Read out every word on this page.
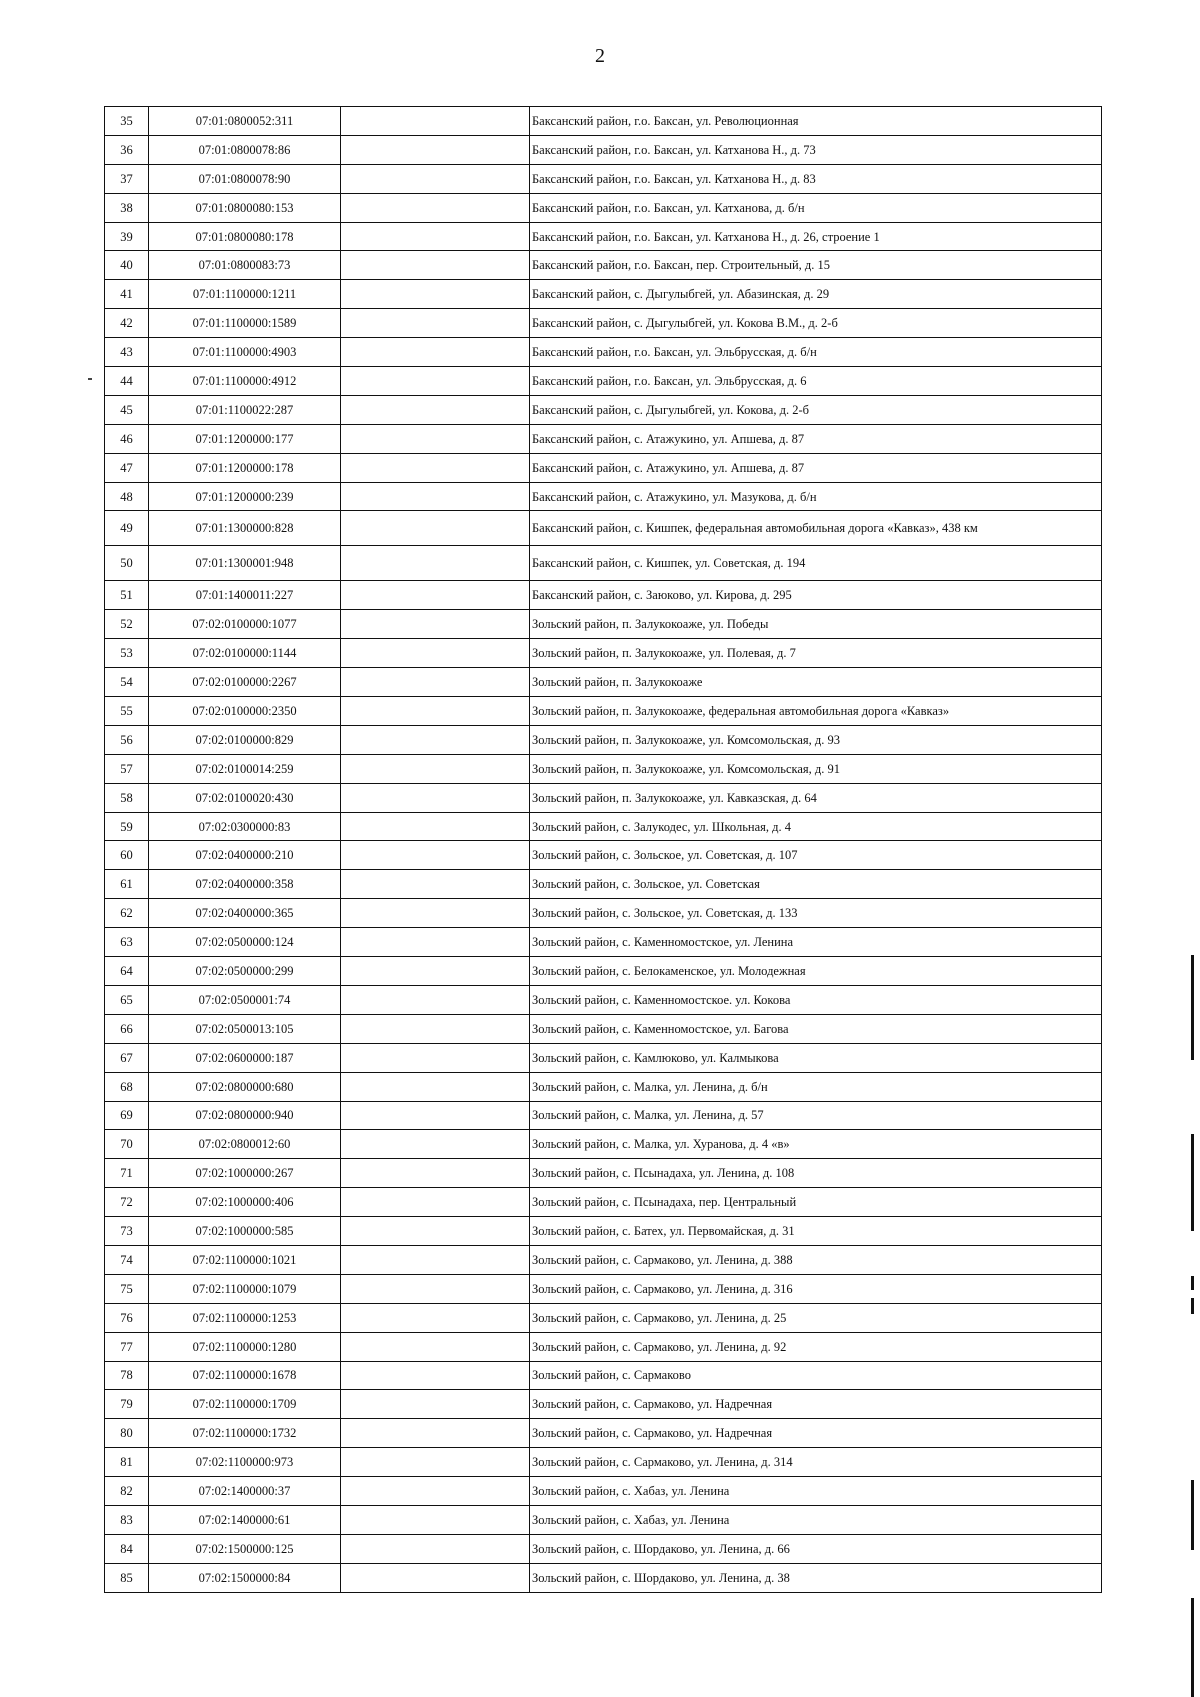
2
35	07:01:0800052:311		Баксанский район, г.о. Баксан, ул. Революционная
36	07:01:0800078:86		Баксанский район, г.о. Баксан, ул. Катханова Н., д. 73
37	07:01:0800078:90		Баксанский район, г.о. Баксан, ул. Катханова Н., д. 83
38	07:01:0800080:153		Баксанский район, г.о. Баксан, ул. Катханова, д. б/н
39	07:01:0800080:178		Баксанский район, г.о. Баксан, ул. Катханова Н., д. 26, строение 1
40	07:01:0800083:73		Баксанский район, г.о. Баксан, пер. Строительный, д. 15
41	07:01:1100000:1211		Баксанский район, с. Дыгулыбгей, ул. Абазинская, д. 29
42	07:01:1100000:1589		Баксанский район, с. Дыгулыбгей, ул. Кокова В.М., д. 2-б
43	07:01:1100000:4903		Баксанский район, г.о. Баксан, ул. Эльбрусская, д. б/н
44	07:01:1100000:4912		Баксанский район, г.о. Баксан, ул. Эльбрусская, д. 6
45	07:01:1100022:287		Баксанский район, с. Дыгулыбгей, ул. Кокова, д. 2-б
46	07:01:1200000:177		Баксанский район, с. Атажукино, ул. Апшева, д. 87
47	07:01:1200000:178		Баксанский район, с. Атажукино, ул. Апшева, д. 87
48	07:01:1200000:239		Баксанский район, с. Атажукино, ул. Мазукова, д. б/н
49	07:01:1300000:828		Баксанский район, с. Кишпек, федеральная автомобильная дорога «Кавказ», 438 км
50	07:01:1300001:948		Баксанский район, с. Кишпек, ул. Советская, д. 194
51	07:01:1400011:227		Баксанский район, с. Заюково, ул. Кирова, д. 295
52	07:02:0100000:1077		Зольский район, п. Залукокоаже, ул. Победы
53	07:02:0100000:1144		Зольский район, п. Залукокоаже, ул. Полевая, д. 7
54	07:02:0100000:2267		Зольский район, п. Залукокоаже
55	07:02:0100000:2350		Зольский район, п. Залукокоаже, федеральная автомобильная дорога «Кавказ»
56	07:02:0100000:829		Зольский район, п. Залукокоаже, ул. Комсомольская, д. 93
57	07:02:0100014:259		Зольский район, п. Залукокоаже, ул. Комсомольская, д. 91
58	07:02:0100020:430		Зольский район, п. Залукокоаже, ул. Кавказская, д. 64
59	07:02:0300000:83		Зольский район, с. Залукодес, ул. Школьная, д. 4
60	07:02:0400000:210		Зольский район, с. Зольское, ул. Советская, д. 107
61	07:02:0400000:358		Зольский район, с. Зольское, ул. Советская
62	07:02:0400000:365		Зольский район, с. Зольское, ул. Советская, д. 133
63	07:02:0500000:124		Зольский район, с. Каменномостское, ул. Ленина
64	07:02:0500000:299		Зольский район, с. Белокаменское, ул. Молодежная
65	07:02:0500001:74		Зольский район, с. Каменномостское. ул. Кокова
66	07:02:0500013:105		Зольский район, с. Каменномостское, ул. Багова
67	07:02:0600000:187		Зольский район, с. Камлюково, ул. Калмыкова
68	07:02:0800000:680		Зольский район, с. Малка, ул. Ленина, д. б/н
69	07:02:0800000:940		Зольский район, с. Малка, ул. Ленина, д. 57
70	07:02:0800012:60		Зольский район, с. Малка, ул. Хуранова, д. 4 «в»
71	07:02:1000000:267		Зольский район, с. Псынадаха, ул. Ленина, д. 108
72	07:02:1000000:406		Зольский район, с. Псынадаха, пер. Центральный
73	07:02:1000000:585		Зольский район, с. Батех, ул. Первомайская, д. 31
74	07:02:1100000:1021		Зольский район, с. Сармаково, ул. Ленина, д. 388
75	07:02:1100000:1079		Зольский район, с. Сармаково, ул. Ленина, д. 316
76	07:02:1100000:1253		Зольский район, с. Сармаково, ул. Ленина, д. 25
77	07:02:1100000:1280		Зольский район, с. Сармаково, ул. Ленина, д. 92
78	07:02:1100000:1678		Зольский район, с. Сармаково
79	07:02:1100000:1709		Зольский район, с. Сармаково, ул. Надречная
80	07:02:1100000:1732		Зольский район, с. Сармаково, ул. Надречная
81	07:02:1100000:973		Зольский район, с. Сармаково, ул. Ленина, д. 314
82	07:02:1400000:37		Зольский район, с. Хабаз, ул. Ленина
83	07:02:1400000:61		Зольский район, с. Хабаз, ул. Ленина
84	07:02:1500000:125		Зольский район, с. Шордаково, ул. Ленина, д. 66
85	07:02:1500000:84		Зольский район, с. Шордаково, ул. Ленина, д. 38
